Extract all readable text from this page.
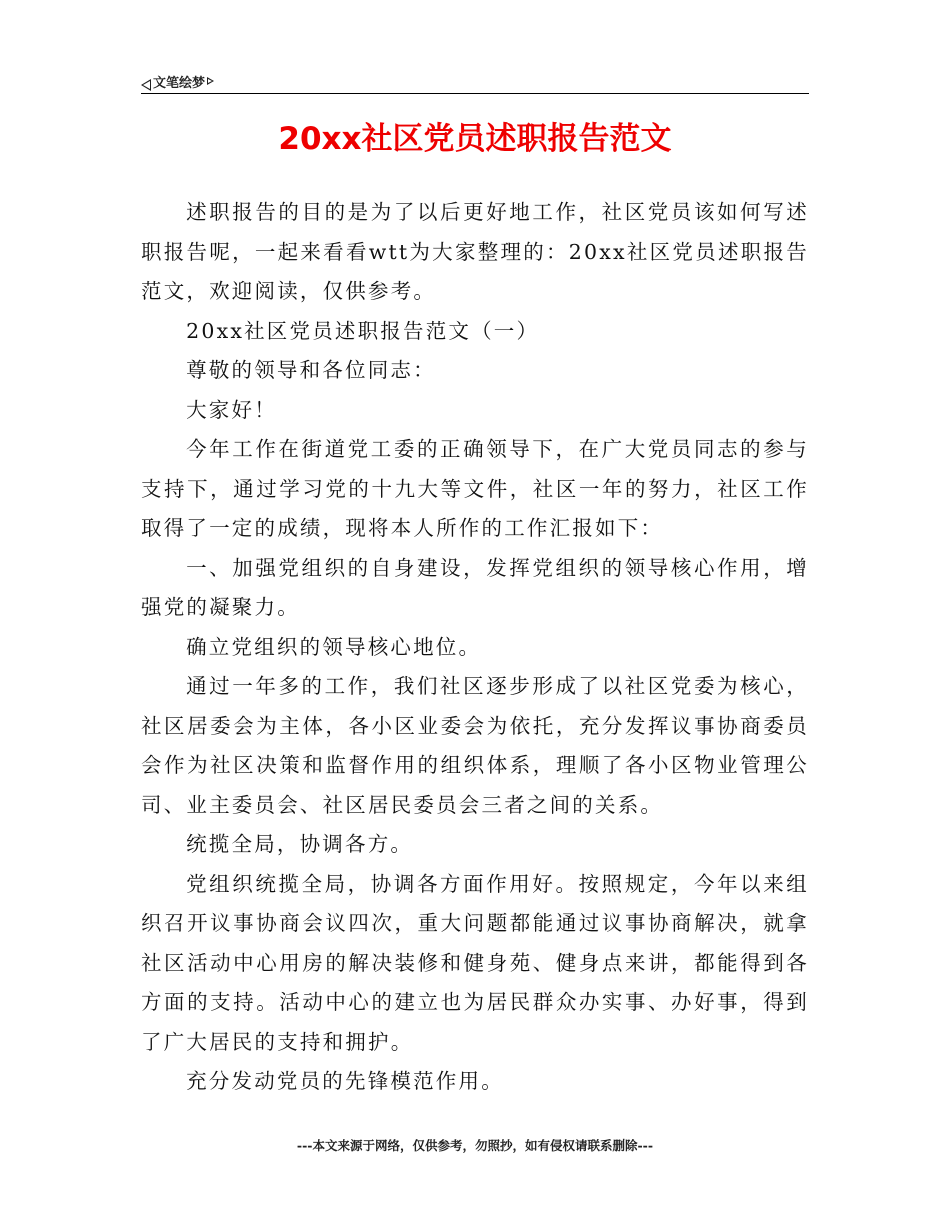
文笔绘梦
20xx社区党员述职报告范文

述职报告的目的是为了以后更好地工作，社区党员该如何写述职报告呢，一起来看看wtt为大家整理的：20xx社区党员述职报告范文，欢迎阅读，仅供参考。

20xx社区党员述职报告范文（一）

尊敬的领导和各位同志：

大家好！

今年工作在街道党工委的正确领导下，在广大党员同志的参与支持下，通过学习党的十九大等文件，社区一年的努力，社区工作取得了一定的成绩，现将本人所作的工作汇报如下：

一、加强党组织的自身建设，发挥党组织的领导核心作用，增强党的凝聚力。

确立党组织的领导核心地位。

通过一年多的工作，我们社区逐步形成了以社区党委为核心，社区居委会为主体，各小区业委会为依托，充分发挥议事协商委员会作为社区决策和监督作用的组织体系，理顺了各小区物业管理公司、业主委员会、社区居民委员会三者之间的关系。

统揽全局，协调各方。

党组织统揽全局，协调各方面作用好。按照规定，今年以来组织召开议事协商会议四次，重大问题都能通过议事协商解决，就拿社区活动中心用房的解决装修和健身苑、健身点来讲，都能得到各方面的支持。活动中心的建立也为居民群众办实事、办好事，得到了广大居民的支持和拥护。

充分发动党员的先锋模范作用。

---本文来源于网络，仅供参考，勿照抄，如有侵权请联系删除---
